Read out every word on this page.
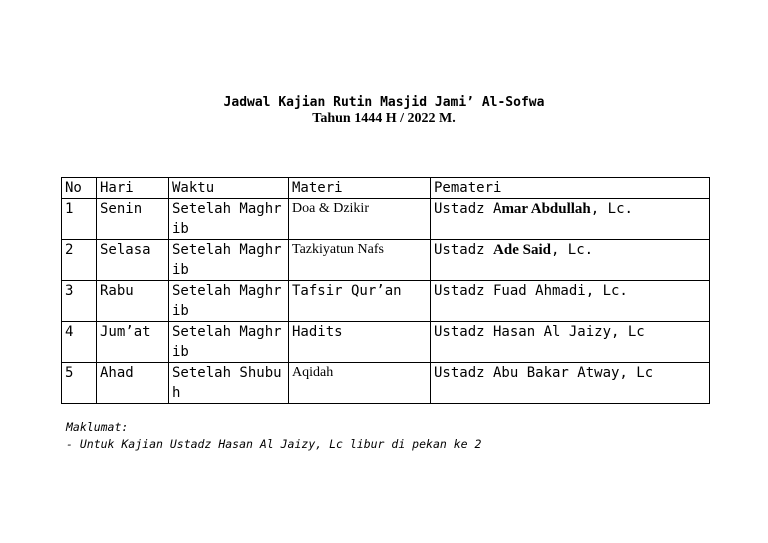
Jadwal Kajian Rutin Masjid Jami’ Al-Sofwa
Tahun 1444 H / 2022 M.
No	Hari	Waktu	Materi	Pemateri
1	Senin	Setelah Maghrib	Doa & Dzikir	Ustadz Amar Abdullah, Lc.
2	Selasa	Setelah Maghrib	Tazkiyatun Nafs	Ustadz Ade Said, Lc.
3	Rabu	Setelah Maghrib	Tafsir Qur’an	Ustadz Fuad Ahmadi, Lc.
4	Jum’at	Setelah Maghrib	Hadits	Ustadz Hasan Al Jaizy, Lc
5	Ahad	Setelah Shubuh	Aqidah	Ustadz Abu Bakar Atway, Lc
Maklumat:
- Untuk Kajian Ustadz Hasan Al Jaizy, Lc libur di pekan ke 2
